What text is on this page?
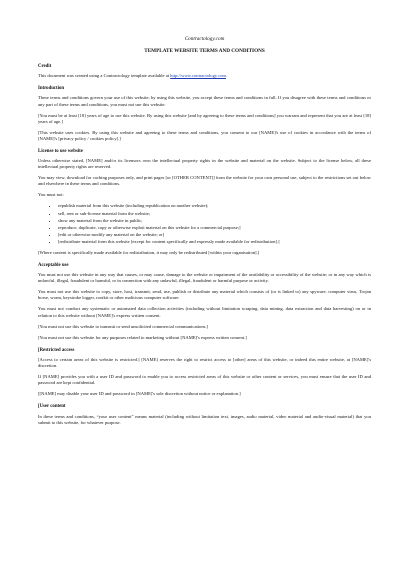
Contractology.com
TEMPLATE WEBSITE TERMS AND CONDITIONS
Credit

This document was created using a Contractology template available at http://www.contractology.com.

Introduction

These terms and conditions govern your use of this website; by using this website, you accept these terms and conditions in full. If you disagree with these terms and conditions or any part of these terms and conditions, you must not use this website.

[You must be at least [18] years of age to use this website. By using this website [and by agreeing to these terms and conditions] you warrant and represent that you are at least [18] years of age.]

[This website uses cookies. By using this website and agreeing to these terms and conditions, you consent to our [NAME]'s use of cookies in accordance with the terms of [NAME]'s [privacy policy / cookies policy].]

License to use website

Unless otherwise stated, [NAME] and/or its licensors own the intellectual property rights in the website and material on the website. Subject to the license below, all these intellectual property rights are reserved.

You may view, download for caching purposes only, and print pages [or [OTHER CONTENT]] from the website for your own personal use, subject to the restrictions set out below and elsewhere in these terms and conditions.

You must not:

• republish material from this website (including republication on another website);
• sell, rent or sub-license material from the website;
• show any material from the website in public;
• reproduce, duplicate, copy or otherwise exploit material on this website for a commercial purpose;]
• [edit or otherwise modify any material on the website; or]
• [redistribute material from this website [except for content specifically and expressly made available for redistribution].]

[Where content is specifically made available for redistribution, it may only be redistributed [within your organisation].]

Acceptable use

You must not use this website in any way that causes, or may cause, damage to the website or impairment of the availability or accessibility of the website; or in any way which is unlawful, illegal, fraudulent or harmful, or in connection with any unlawful, illegal, fraudulent or harmful purpose or activity.

You must not use this website to copy, store, host, transmit, send, use, publish or distribute any material which consists of (or is linked to) any spyware, computer virus, Trojan horse, worm, keystroke logger, rootkit or other malicious computer software.

You must not conduct any systematic or automated data collection activities (including without limitation scraping, data mining, data extraction and data harvesting) on or in relation to this website without [NAME]'s express written consent.

[You must not use this website to transmit or send unsolicited commercial communications.]

[You must not use this website for any purposes related to marketing without [NAME]'s express written consent.]

[Restricted access

[Access to certain areas of this website is restricted.] [NAME] reserves the right to restrict access to [other] areas of this website, or indeed this entire website, at [NAME]'s discretion.

If [NAME] provides you with a user ID and password to enable you to access restricted areas of this website or other content or services, you must ensure that the user ID and password are kept confidential.

[[NAME] may disable your user ID and password in [NAME]'s sole discretion without notice or explanation.]

[User content

In these terms and conditions, “your user content” means material (including without limitation text, images, audio material, video material and audio-visual material) that you submit to this website, for whatever purpose.
